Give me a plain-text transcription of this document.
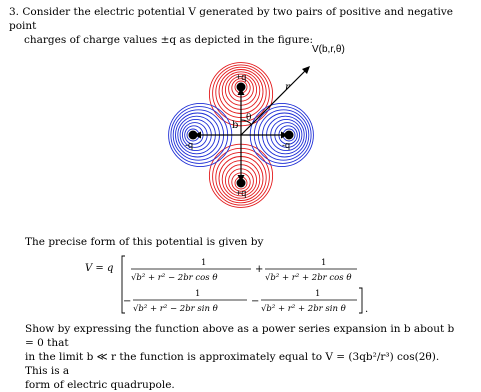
3. Consider the electric potential V generated by two pairs of positive and negative point
charges of charge values ±q as depicted in the figure:
+q
+q
-q	-q
b
θ
r
V(b,r,θ)
The precise form of this potential is given by
V = q	1
√b² + r² − 2br cos θ
+
1
√b² + r² + 2br cos θ
−
1
√b² + r² − 2br sin θ
−
1
√b² + r² + 2br sin θ .
Show by expressing the function above as a power series expansion in b about b = 0 that
in the limit b ≪ r the function is approximately equal to V = (3qb²/r³) cos(2θ). This is a
form of electric quadrupole.
